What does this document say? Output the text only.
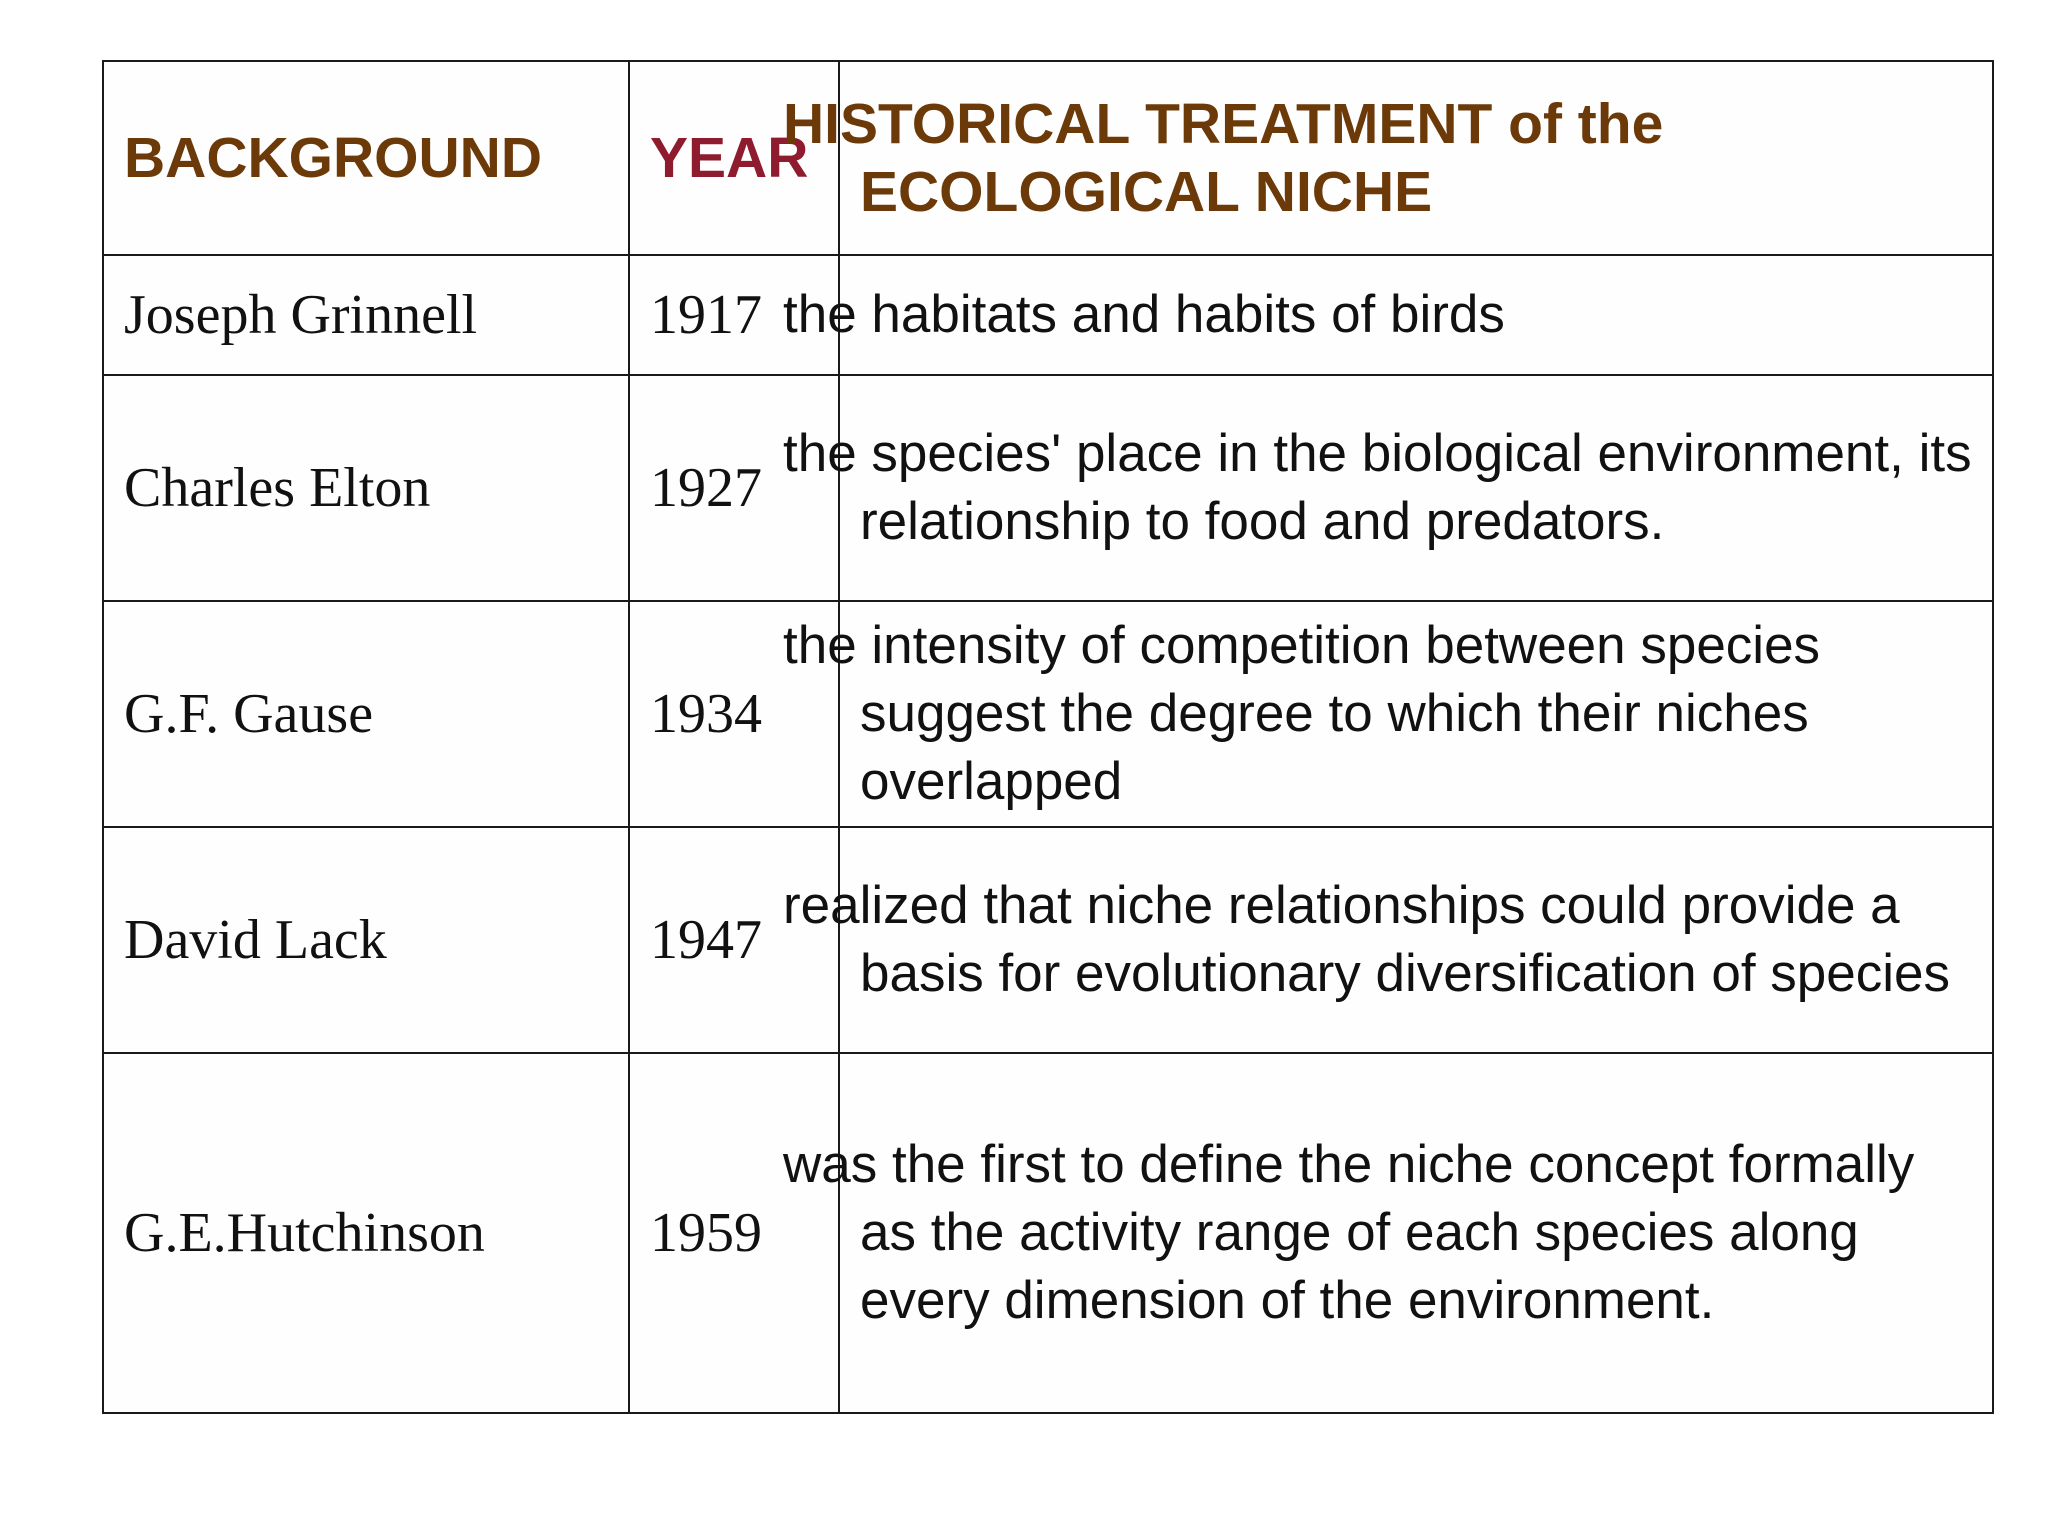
BACKGROUND	YEAR	HISTORICAL TREATMENT of the ECOLOGICAL NICHE
Joseph Grinnell	1917	the habitats and habits of birds
Charles Elton	1927	the species' place in the biological environment, its relationship to food and predators.
G.F. Gause	1934	the intensity of competition between species suggest the degree to which their niches overlapped
David Lack	1947	realized that niche relationships could provide a basis for evolutionary diversification of species
G.E.Hutchinson	1959	was the first to define the niche concept formally as the activity range of each species along every dimension of the environment.
